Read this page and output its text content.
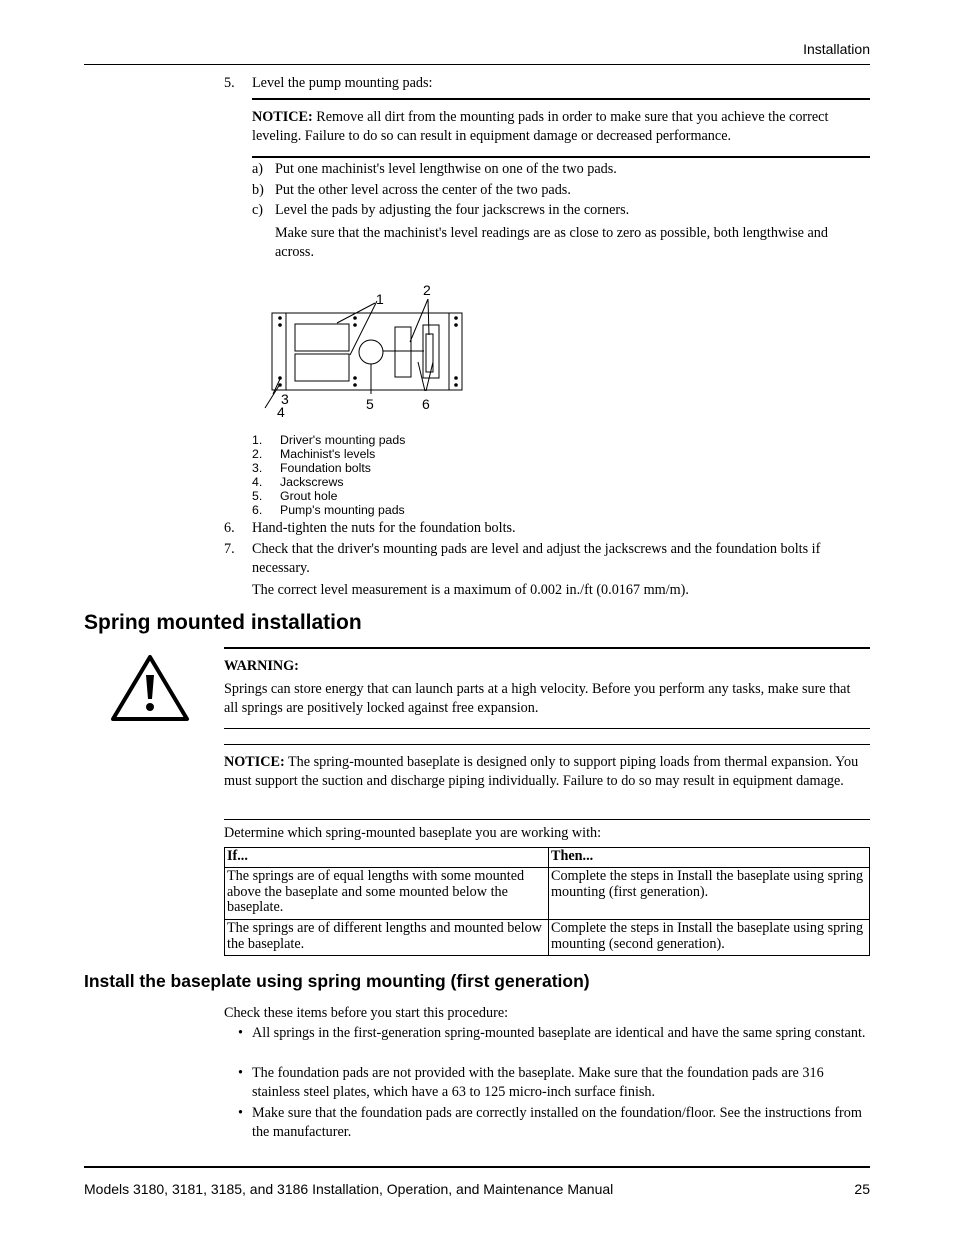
Installation
5. Level the pump mounting pads:
NOTICE: Remove all dirt from the mounting pads in order to make sure that you achieve the correct leveling. Failure to do so can result in equipment damage or decreased performance.
a) Put one machinist's level lengthwise on one of the two pads.
b) Put the other level across the center of the two pads.
c) Level the pads by adjusting the four jackscrews in the corners.
Make sure that the machinist's level readings are as close to zero as possible, both lengthwise and across.
1
2
3
4	5	6
1. Driver's mounting pads
2. Machinist's levels
3. Foundation bolts
4. Jackscrews
5. Grout hole
6. Pump's mounting pads
6. Hand-tighten the nuts for the foundation bolts.
7. Check that the driver's mounting pads are level and adjust the jackscrews and the foundation bolts if necessary.
The correct level measurement is a maximum of 0.002 in./ft (0.0167 mm/m).
Spring mounted installation
WARNING:
Springs can store energy that can launch parts at a high velocity. Before you perform any tasks, make sure that all springs are positively locked against free expansion.
NOTICE: The spring-mounted baseplate is designed only to support piping loads from thermal expansion. You must support the suction and discharge piping individually. Failure to do so may result in equipment damage.
Determine which spring-mounted baseplate you are working with:
If...	Then...
The springs are of equal lengths with some mounted above the baseplate and some mounted below the baseplate.	Complete the steps in Install the baseplate using spring mounting (first generation).
The springs are of different lengths and mounted below the baseplate.	Complete the steps in Install the baseplate using spring mounting (second generation).
Install the baseplate using spring mounting (first generation)
Check these items before you start this procedure:
• All springs in the first-generation spring-mounted baseplate are identical and have the same spring constant.
• The foundation pads are not provided with the baseplate. Make sure that the foundation pads are 316 stainless steel plates, which have a 63 to 125 micro-inch surface finish.
• Make sure that the foundation pads are correctly installed on the foundation/floor. See the instructions from the manufacturer.
Models 3180, 3181, 3185, and 3186 Installation, Operation, and Maintenance Manual	25
